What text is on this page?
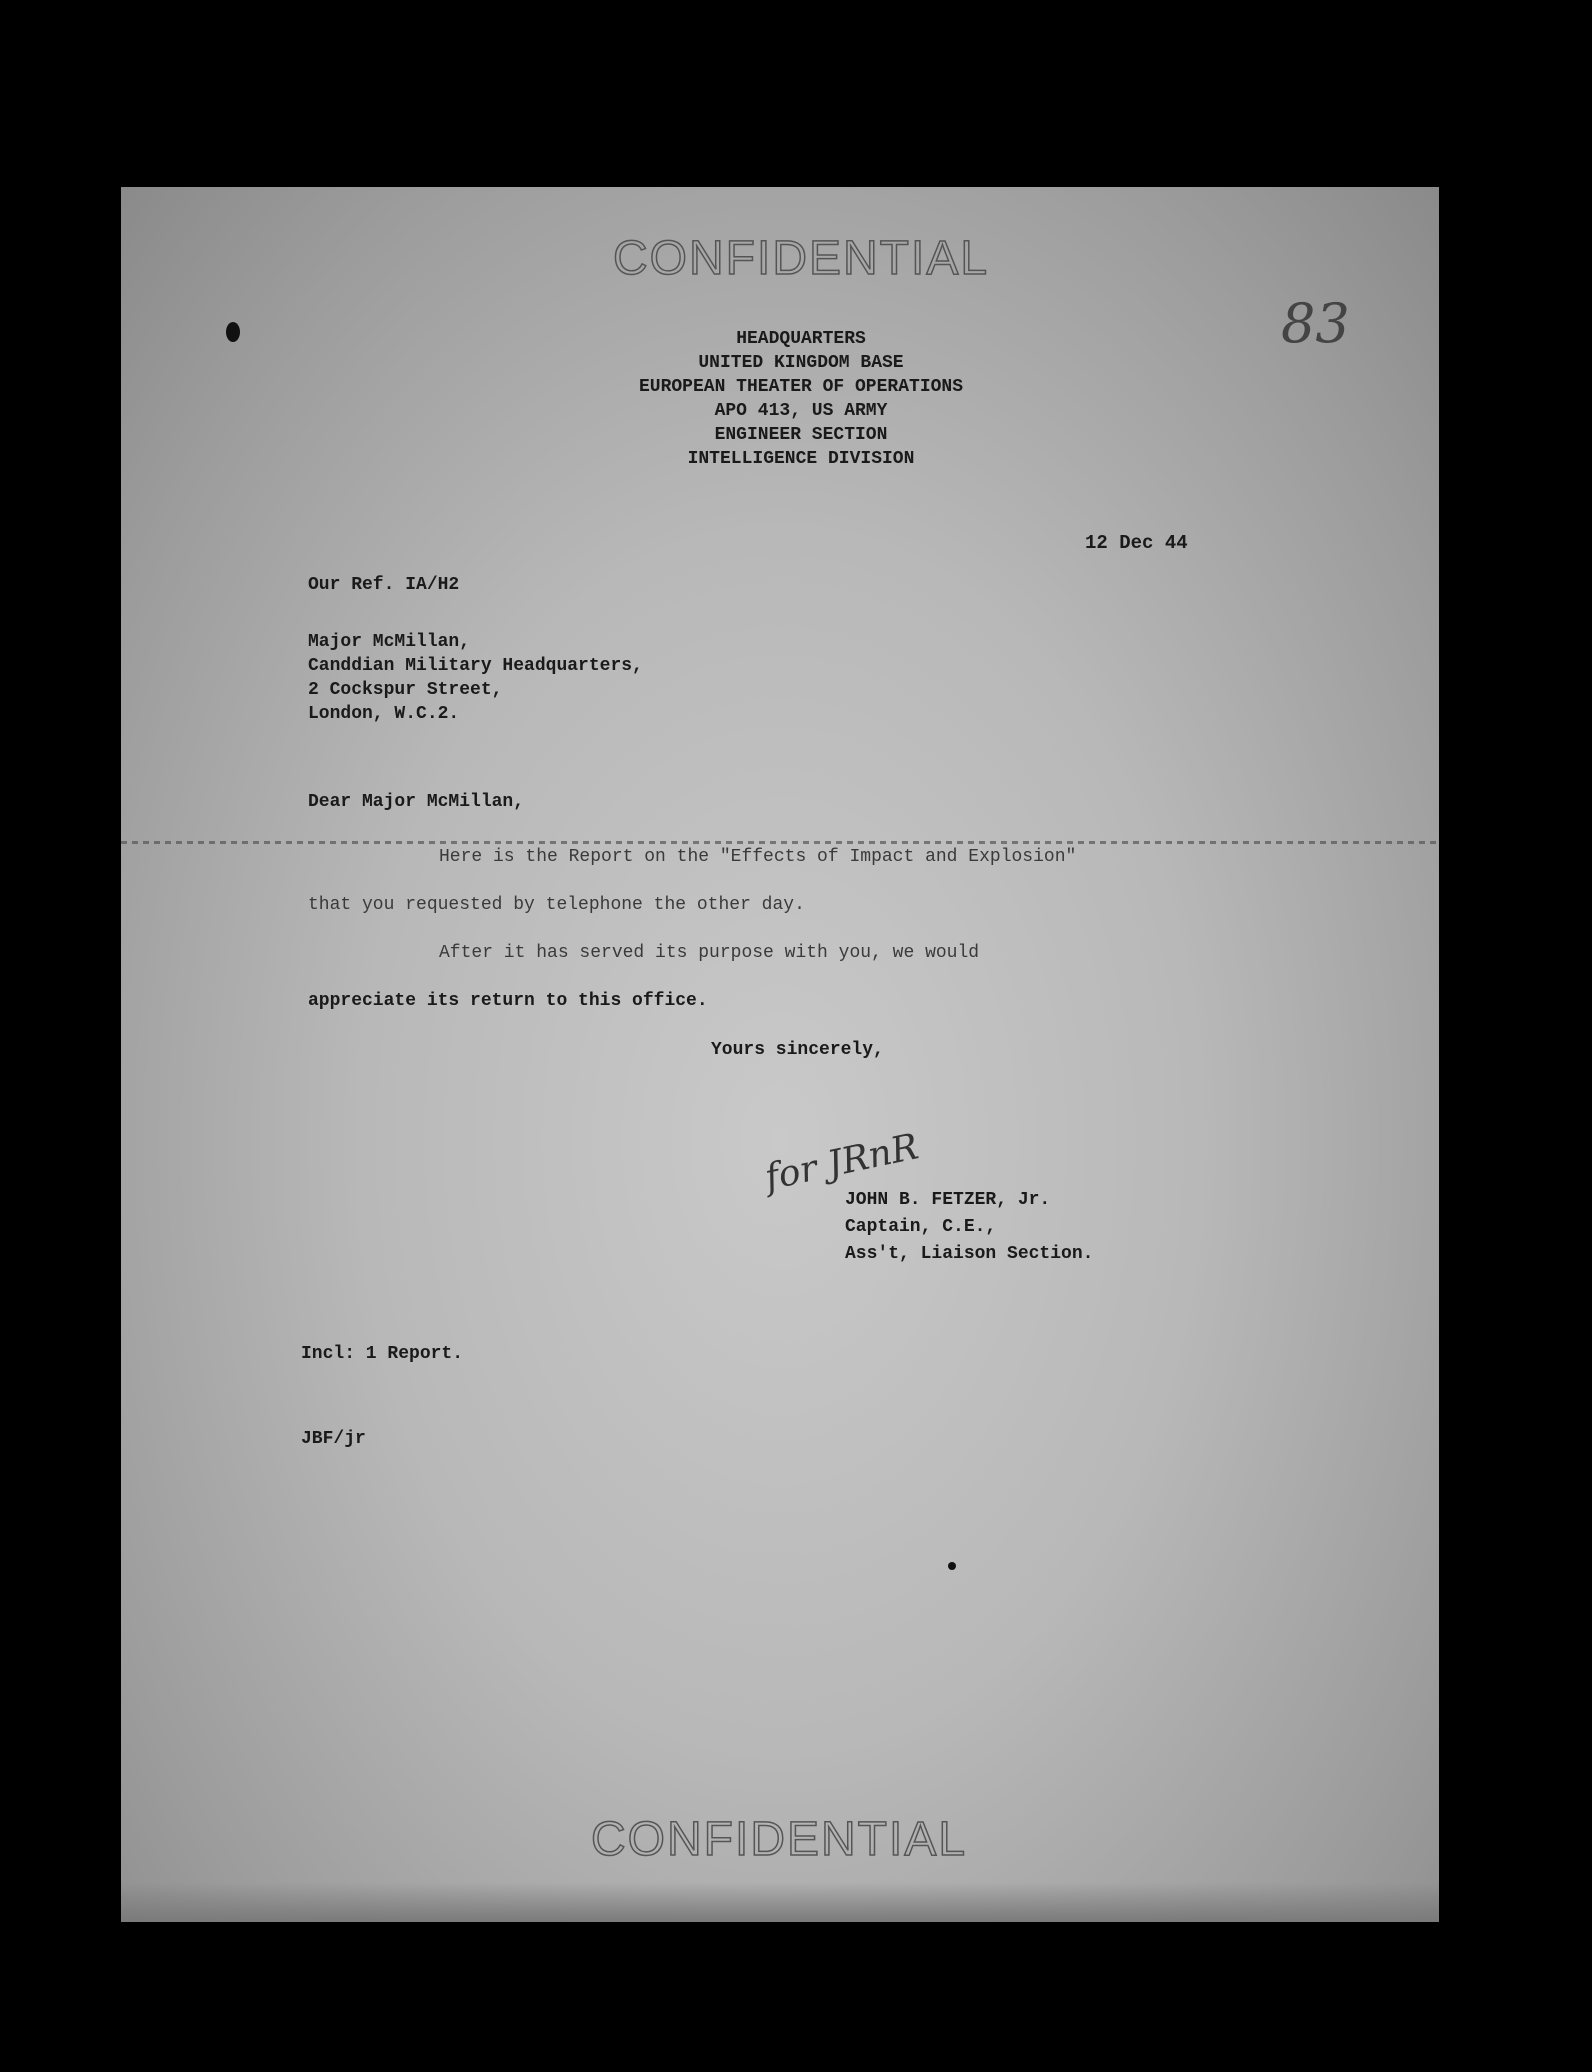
CONFIDENTIAL
83
HEADQUARTERS
UNITED KINGDOM BASE
EUROPEAN THEATER OF OPERATIONS
APO 413, US ARMY
ENGINEER SECTION
INTELLIGENCE DIVISION
12 Dec 44
Our Ref. IA/H2
Major McMillan,
Canddian Military Headquarters,
2 Cockspur Street,
London, W.C.2.
Dear Major McMillan,
Here is the Report on the "Effects of Impact and Explosion"
that you requested by telephone the other day.
After it has served its purpose with you, we would
appreciate its return to this office.
Yours sincerely,
for JRnR
JOHN B. FETZER, Jr.
Captain, C.E.,
Ass't, Liaison Section.
Incl: 1 Report.
JBF/jr
CONFIDENTIAL
